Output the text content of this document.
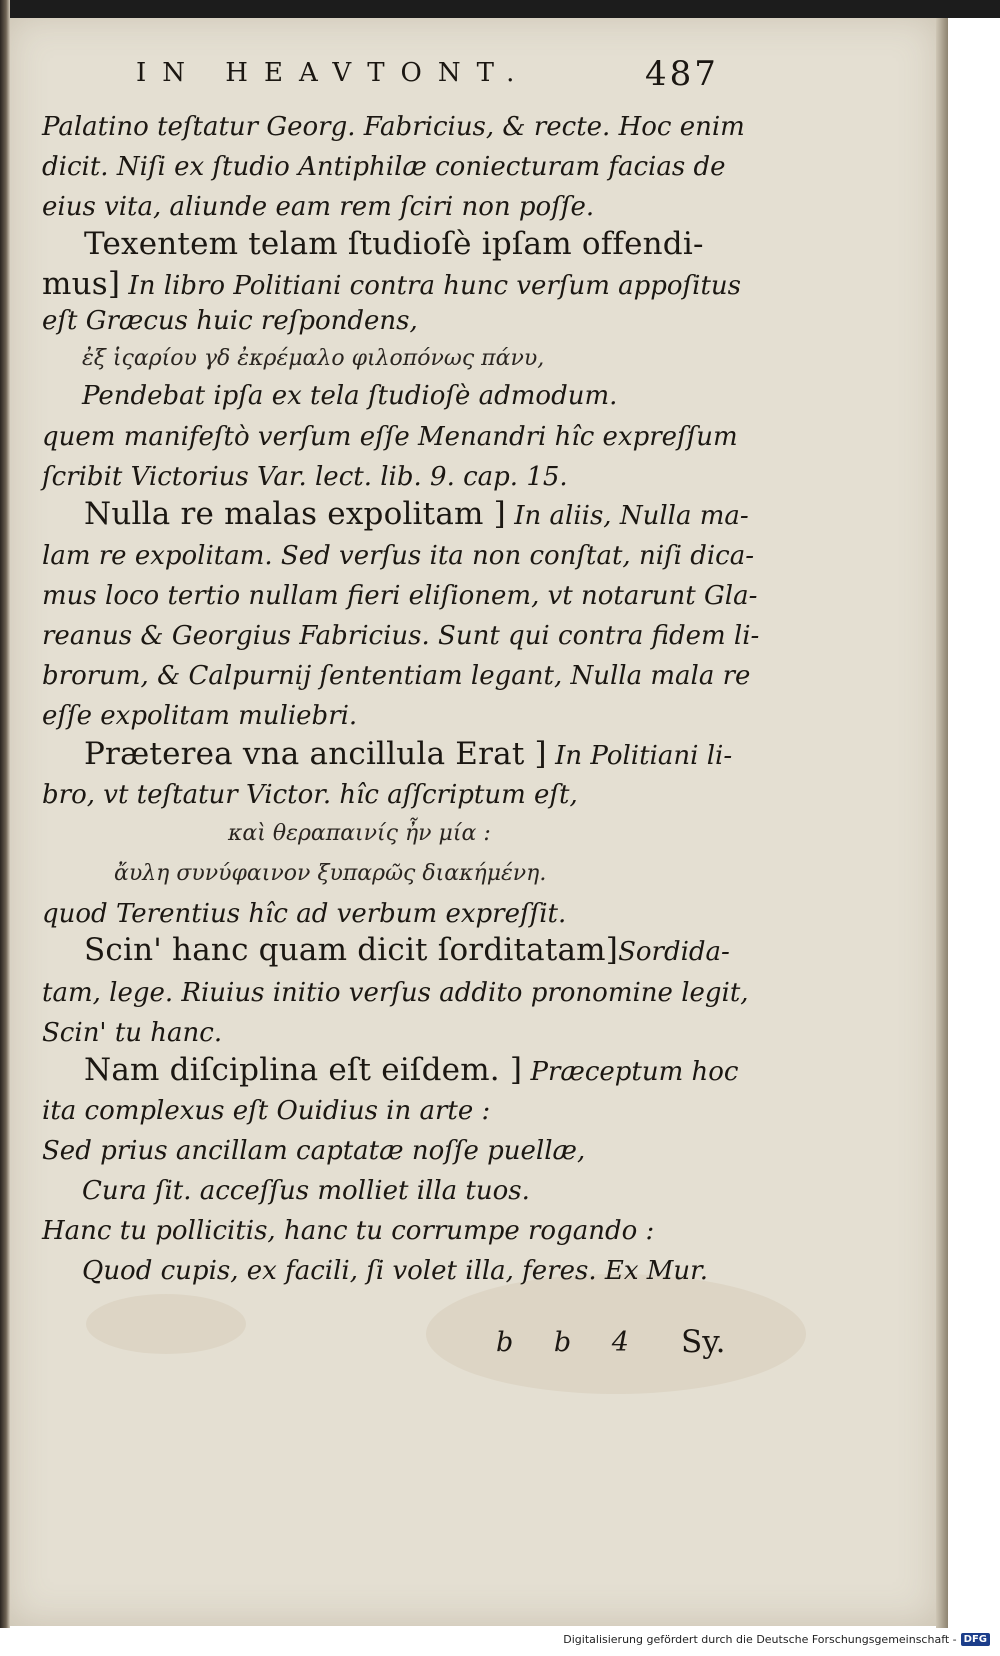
IN HEAVTONT.	487
Palatino teſtatur Georg. Fabricius, & recte. Hoc enim
dicit. Niſi ex ſtudio Antiphilæ coniecturam facias de
eius vita, aliunde eam rem ſciri non poſſe.
Texentem telam ſtudioſè ipſam offendi-
mus] In libro Politiani contra hunc verſum appoſitus
eſt Græcus huic reſpondens,
ἐξ ἱςαρίου γδ ἐκρέμαλο φιλοπόνως πάνυ,
Pendebat ipſa ex tela ſtudioſè admodum.
quem manifeſtò verſum eſſe Menandri hîc expreſſum
ſcribit Victorius Var. lect. lib. 9. cap. 15.
Nulla re malas expolitam ] In aliis, Nulla ma-
lam re expolitam. Sed verſus ita non conſtat, niſi dica-
mus loco tertio nullam fieri eliſionem, vt notarunt Gla-
reanus & Georgius Fabricius. Sunt qui contra fidem li-
brorum, & Calpurnij ſententiam legant, Nulla mala re
eſſe expolitam muliebri.
Præterea vna ancillula Erat ] In Politiani li-
bro, vt teſtatur Victor. hîc aſſcriptum eſt,
καὶ θεραπαινίς ἦν μία :
ἄυλη συνύφαινον ξυπαρῶς διακήμένη.
quod Terentius hîc ad verbum expreſſit.
Scin' hanc quam dicit ſorditatam]Sordida-
tam, lege. Riuius initio verſus addito pronomine legit,
Scin' tu hanc.
Nam diſciplina eſt eiſdem. ] Præceptum hoc
ita complexus eſt Ouidius in arte :
Sed prius ancillam captatæ noſſe puellæ,
Cura ſit. acceſſus molliet illa tuos.
Hanc tu pollicitis, hanc tu corrumpe rogando :
Quod cupis, ex facili, ſi volet illa, feres. Ex Mur.
b b 4 Sy.
Digitalisierung gefördert durch die Deutsche Forschungsgemeinschaft - DFG
